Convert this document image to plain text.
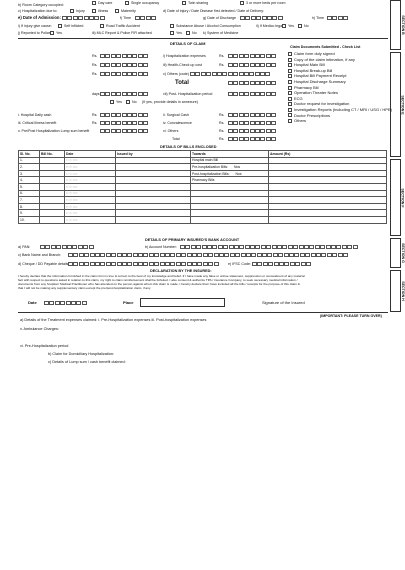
SECTION B
SECTION E
SECTION F
SECTION G
SECTION H
Day care	Single occupancy	Twin sharing	3 or more beds per room
b) Room Category occupied:
c) Hospitalization due to:	Injury	Illness	Maternity	d) Date of injury / Date Disease first detected / Date of Delivery:
e) Date of Admission:	f) Time	g) Date of Discharge	h) Time
i) If injury give cause:	Self inflicted	Road Traffic Accident	Substance Abuse / Alcohol Consumption	ii) If Medico legal	Yes	No
j) Reported to Police	Yes	iii) MLC Report & Police FIR attached	Yes	No k) System of Medicine
DETAILS OF CLAIM
Claim Documents Submitted - Check List
Rs.	i) Hospitalization expenses	Rs.
Rs.	iii) Health-Check up cost	Rs.
Rs.	v) Others (code)
Total
days	vii) Post- Hospitalization period
Yes	No (If yes, provide details in annexure)
i. Hospital Daily cash	Rs.	ii. Surgical Cash	Rs.
iii. Critical Illness benefit	Rs.	iv. Convalescence	Rs.
v. Pre/Post Hospitalization Lump sum benefit	vi. Others	Rs.
Total	Rs.
Claim form duly signed
Copy of the claim intimation, if any
Hospital Main Bill
Hospital Break-up Bill
Hospital Bill Payment Receipt
Hospital Discharge Summary
Pharmacy Bill
Operation Theater Notes
ECG
Doctor request for investigation
Investigation Reports (Including CT / MRI / USG / HPE)
Doctor Prescriptions
Others
DETAILS OF BILLS ENCLOSED
Sl. No.	Bill No.	Date	Issued by	Towards	Amount (Rs)
1.		▫▫ ▫▫ ▫▫▫▫		Hospital main Bill	
2.		▫▫ ▫▫ ▫▫▫▫		Pre-hospitalization Bills: Nos	
3.		▫▫ ▫▫ ▫▫▫▫		Post-hospitalization Bills: Nos	
4.		▫▫ ▫▫ ▫▫▫▫		Pharmacy Bills	
5.		▫▫ ▫▫ ▫▫▫▫			
6.		▫▫ ▫▫ ▫▫▫▫			
7.		▫▫ ▫▫ ▫▫▫▫			
8.		▫▫ ▫▫ ▫▫▫▫			
9.		▫▫ ▫▫ ▫▫▫▫			
10.		▫▫ ▫▫ ▫▫▫▫			
DETAILS OF PRIMARY INSURED'S BANK ACCOUNT
a) PAN:	b) Account Number:
c) Bank Name and Branch:
d) Cheque / DD Payable details:	e) IFSC Code:
DECLARATION BY THE INSURED:
I hereby declare that the information furnished in the claim form is true & correct to the best of my knowledge and belief. If I have made any false or untrue statement, suppression or concealment of any material
fact with respect to questions asked in relation to this claim, my right to claim reimbursement shall be forfeited. I also consent & authorize TPA / insurance Company, to seek necessary medical information /
documents from any hospital / Medical Practitioner who has attended on the person against whom this claim is made. I hereby declare that I have included all the bills / receipts for the purpose of this claim &
that I will not be making any supplementary claim except the pre/post-hospitalization claim, if any.
Date	Place	Signature of the Insured
(IMPORTANT: PLEASE TURN OVER)
a) Details of the Treatment expenses claimed: i. Pre-Hospitalization expenses iii. Post-hospitalization expenses
v. Ambulance Charges:
vi. Pre-Hospitalization period
b) Claim for Domiciliary Hospitalization:
c) Details of Lump sum / cash benefit claimed:
